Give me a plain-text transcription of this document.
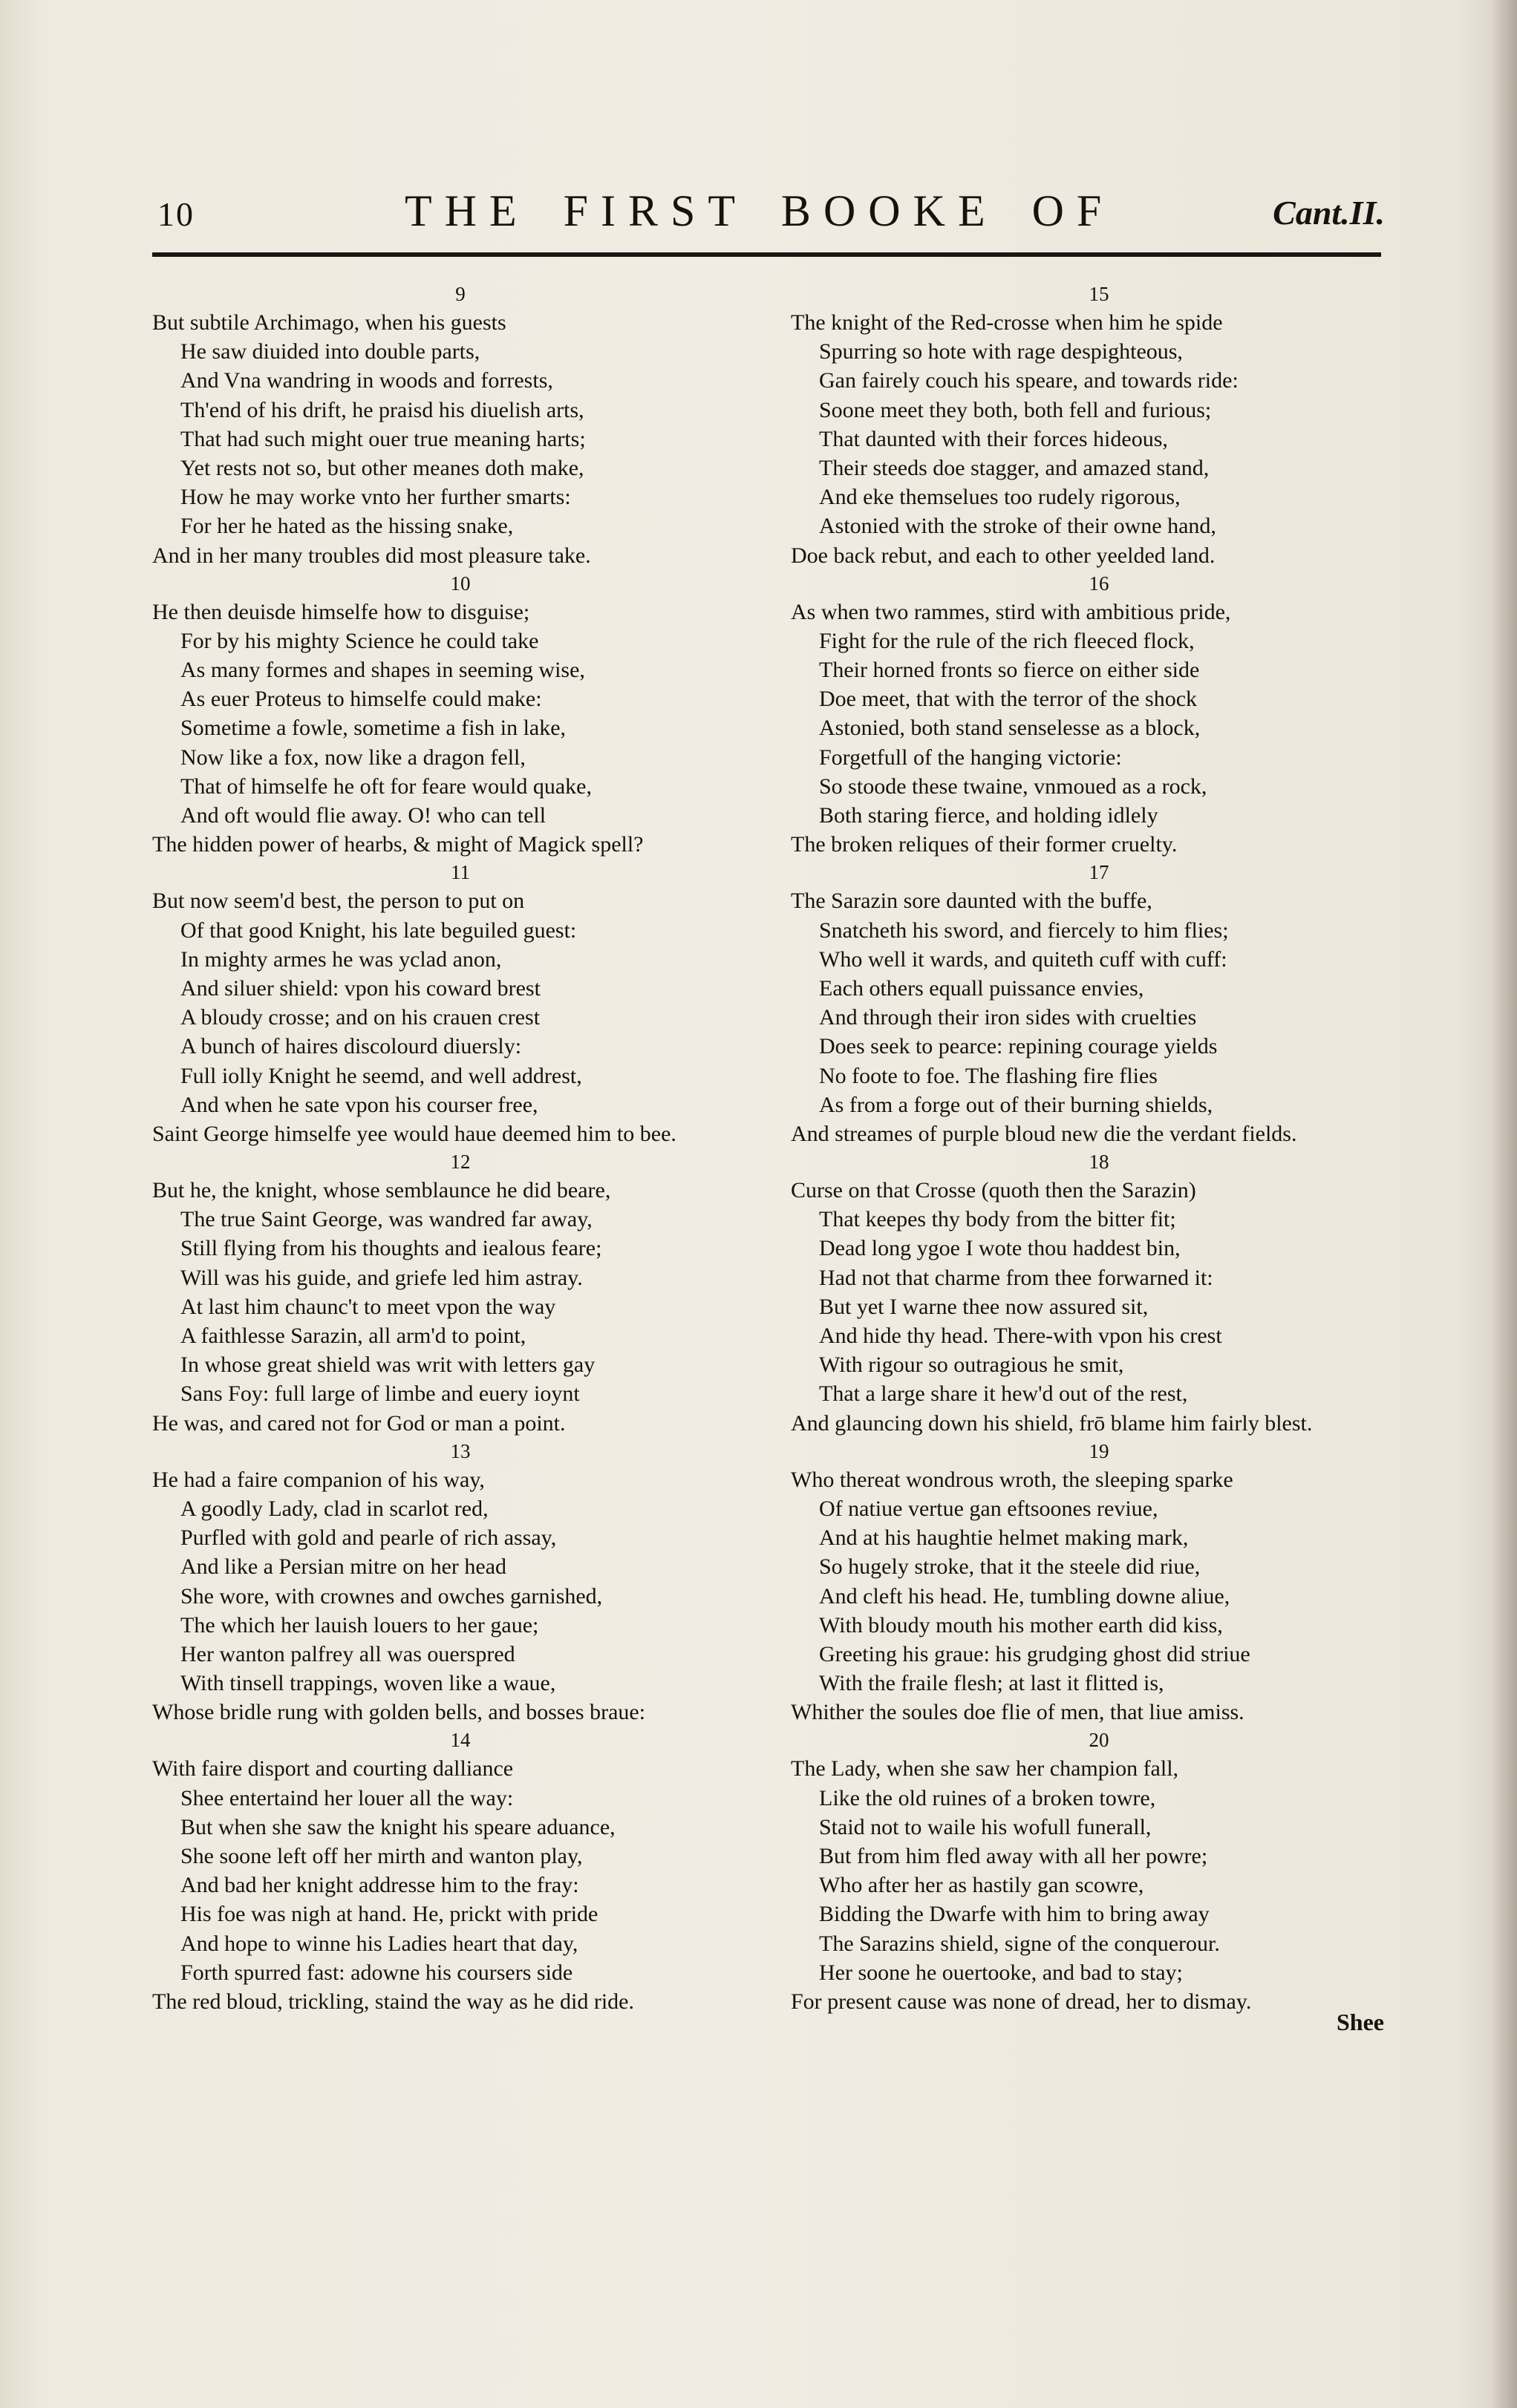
10	THE FIRST BOOKE OF	Cant.II.
9
But subtile Archimago, when his guests
He saw diuided into double parts,
And Vna wandring in woods and forrests,
Th'end of his drift, he praisd his diuelish arts,
That had such might ouer true meaning harts;
Yet rests not so, but other meanes doth make,
How he may worke vnto her further smarts:
For her he hated as the hissing snake,
And in her many troubles did most pleasure take.
10
He then deuisde himselfe how to disguise;
For by his mighty Science he could take
As many formes and shapes in seeming wise,
As euer Proteus to himselfe could make:
Sometime a fowle, sometime a fish in lake,
Now like a fox, now like a dragon fell,
That of himselfe he oft for feare would quake,
And oft would flie away. O! who can tell
The hidden power of hearbs, & might of Magick spell?
11
But now seem'd best, the person to put on
Of that good Knight, his late beguiled guest:
In mighty armes he was yclad anon,
And siluer shield: vpon his coward brest
A bloudy crosse; and on his crauen crest
A bunch of haires discolourd diuersly:
Full iolly Knight he seemd, and well addrest,
And when he sate vpon his courser free,
Saint George himselfe yee would haue deemed him to bee.
12
But he, the knight, whose semblaunce he did beare,
The true Saint George, was wandred far away,
Still flying from his thoughts and iealous feare;
Will was his guide, and griefe led him astray.
At last him chaunc't to meet vpon the way
A faithlesse Sarazin, all arm'd to point,
In whose great shield was writ with letters gay
Sans Foy: full large of limbe and euery ioynt
He was, and cared not for God or man a point.
13
He had a faire companion of his way,
A goodly Lady, clad in scarlot red,
Purfled with gold and pearle of rich assay,
And like a Persian mitre on her head
She wore, with crownes and owches garnished,
The which her lauish louers to her gaue;
Her wanton palfrey all was ouerspred
With tinsell trappings, woven like a waue,
Whose bridle rung with golden bells, and bosses braue:
14
With faire disport and courting dalliance
Shee entertaind her louer all the way:
But when she saw the knight his speare aduance,
She soone left off her mirth and wanton play,
And bad her knight addresse him to the fray:
His foe was nigh at hand. He, prickt with pride
And hope to winne his Ladies heart that day,
Forth spurred fast: adowne his coursers side
The red bloud, trickling, staind the way as he did ride.
15
The knight of the Red-crosse when him he spide
Spurring so hote with rage despighteous,
Gan fairely couch his speare, and towards ride:
Soone meet they both, both fell and furious;
That daunted with their forces hideous,
Their steeds doe stagger, and amazed stand,
And eke themselues too rudely rigorous,
Astonied with the stroke of their owne hand,
Doe back rebut, and each to other yeelded land.
16
As when two rammes, stird with ambitious pride,
Fight for the rule of the rich fleeced flock,
Their horned fronts so fierce on either side
Doe meet, that with the terror of the shock
Astonied, both stand senselesse as a block,
Forgetfull of the hanging victorie:
So stoode these twaine, vnmoued as a rock,
Both staring fierce, and holding idlely
The broken reliques of their former cruelty.
17
The Sarazin sore daunted with the buffe,
Snatcheth his sword, and fiercely to him flies;
Who well it wards, and quiteth cuff with cuff:
Each others equall puissance envies,
And through their iron sides with cruelties
Does seek to pearce: repining courage yields
No foote to foe. The flashing fire flies
As from a forge out of their burning shields,
And streames of purple bloud new die the verdant fields.
18
Curse on that Crosse (quoth then the Sarazin)
That keepes thy body from the bitter fit;
Dead long ygoe I wote thou haddest bin,
Had not that charme from thee forwarned it:
But yet I warne thee now assured sit,
And hide thy head. There-with vpon his crest
With rigour so outragious he smit,
That a large share it hew'd out of the rest,
And glauncing down his shield, frō blame him fairly blest.
19
Who thereat wondrous wroth, the sleeping sparke
Of natiue vertue gan eftsoones reviue,
And at his haughtie helmet making mark,
So hugely stroke, that it the steele did riue,
And cleft his head. He, tumbling downe aliue,
With bloudy mouth his mother earth did kiss,
Greeting his graue: his grudging ghost did striue
With the fraile flesh; at last it flitted is,
Whither the soules doe flie of men, that liue amiss.
20
The Lady, when she saw her champion fall,
Like the old ruines of a broken towre,
Staid not to waile his wofull funerall,
But from him fled away with all her powre;
Who after her as hastily gan scowre,
Bidding the Dwarfe with him to bring away
The Sarazins shield, signe of the conquerour.
Her soone he ouertooke, and bad to stay;
For present cause was none of dread, her to dismay.
Shee
